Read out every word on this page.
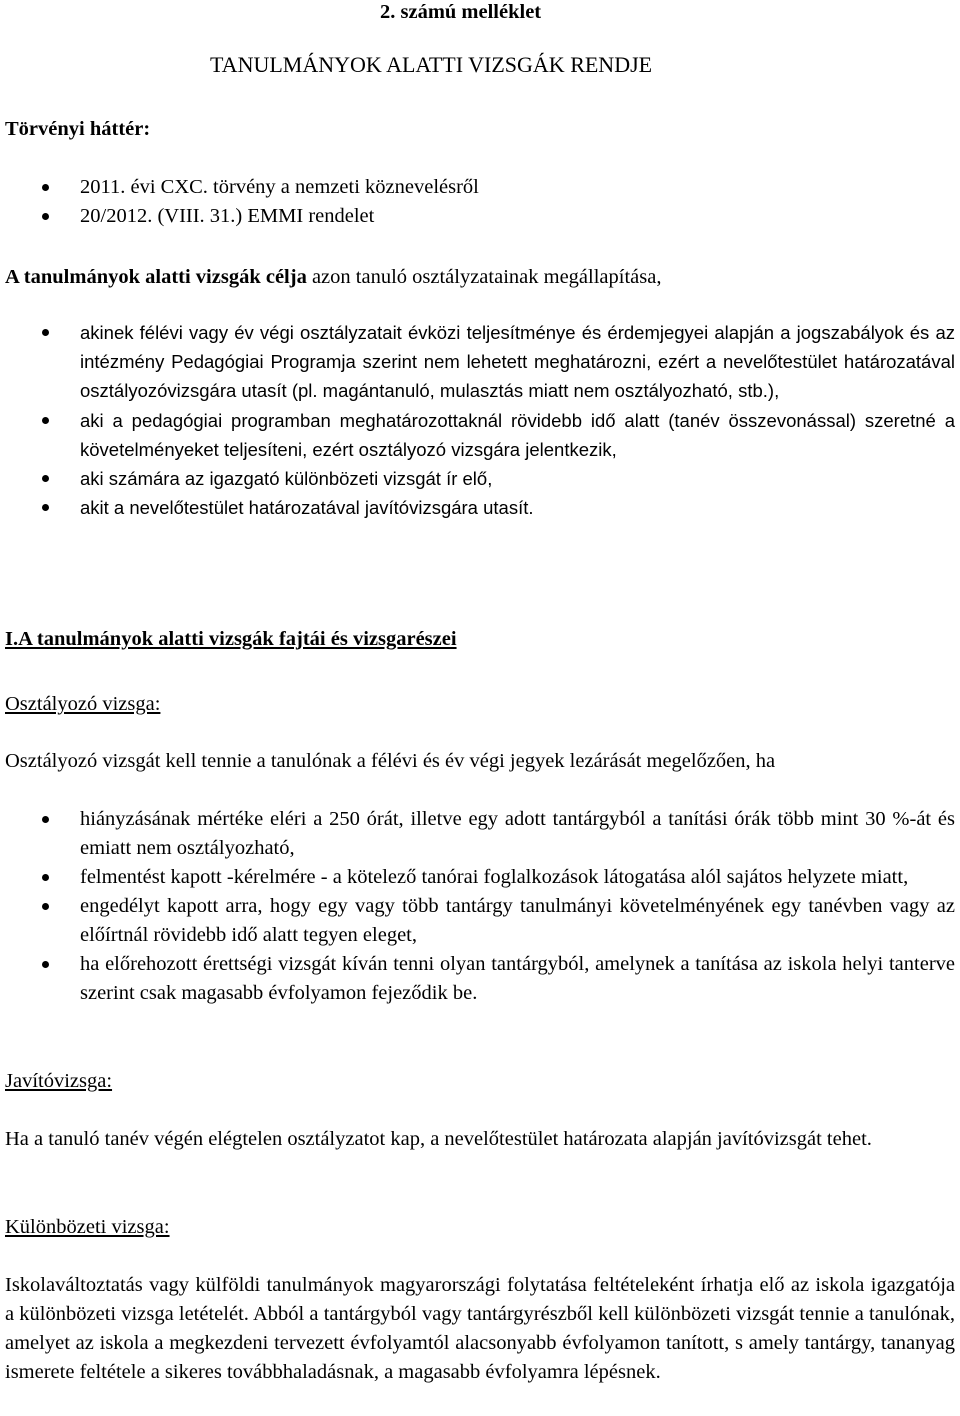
2. számú melléklet

TANULMÁNYOK ALATTI VIZSGÁK RENDJE

Törvényi háttér:

2011. évi CXC. törvény a nemzeti köznevelésről
20/2012. (VIII. 31.) EMMI rendelet

A tanulmányok alatti vizsgák célja azon tanuló osztályzatainak megállapítása,

akinek félévi vagy év végi osztályzatait évközi teljesítménye és érdemjegyei alapján a jogszabályok és az intézmény Pedagógiai Programja szerint nem lehetett meghatározni, ezért a nevelőtestület határozatával osztályozóvizsgára utasít (pl. magántanuló, mulasztás miatt nem osztályozható, stb.),
aki a pedagógiai programban meghatározottaknál rövidebb idő alatt (tanév összevonással) szeretné a követelményeket teljesíteni, ezért osztályozó vizsgára jelentkezik,
aki számára az igazgató különbözeti vizsgát ír elő,
akit a nevelőtestület határozatával javítóvizsgára utasít.

I.A tanulmányok alatti vizsgák fajtái és vizsgarészei

Osztályozó vizsga:

Osztályozó vizsgát kell tennie a tanulónak a félévi és év végi jegyek lezárását megelőzően, ha

hiányzásának mértéke eléri a 250 órát, illetve egy adott tantárgyból a tanítási órák több mint 30 %-át és emiatt nem osztályozható,
felmentést kapott -kérelmére - a kötelező tanórai foglalkozások látogatása alól sajátos helyzete miatt,
engedélyt kapott arra, hogy egy vagy több tantárgy tanulmányi követelményének egy tanévben vagy az előírtnál rövidebb idő alatt tegyen eleget,
ha előrehozott érettségi vizsgát kíván tenni olyan tantárgyból, amelynek a tanítása az iskola helyi tanterve szerint csak magasabb évfolyamon fejeződik be.

Javítóvizsga:

Ha a tanuló tanév végén elégtelen osztályzatot kap, a nevelőtestület határozata alapján javítóvizsgát tehet.

Különbözeti vizsga:

Iskolaváltoztatás vagy külföldi tanulmányok magyarországi folytatása feltételeként írhatja elő az iskola igazgatója a különbözeti vizsga letételét. Abból a tantárgyból vagy tantárgyrészből kell különbözeti vizsgát tennie a tanulónak, amelyet az iskola a megkezdeni tervezett évfolyamtól alacsonyabb évfolyamon tanított, s amely tantárgy, tananyag ismerete feltétele a sikeres továbbhaladásnak, a magasabb évfolyamra lépésnek.
